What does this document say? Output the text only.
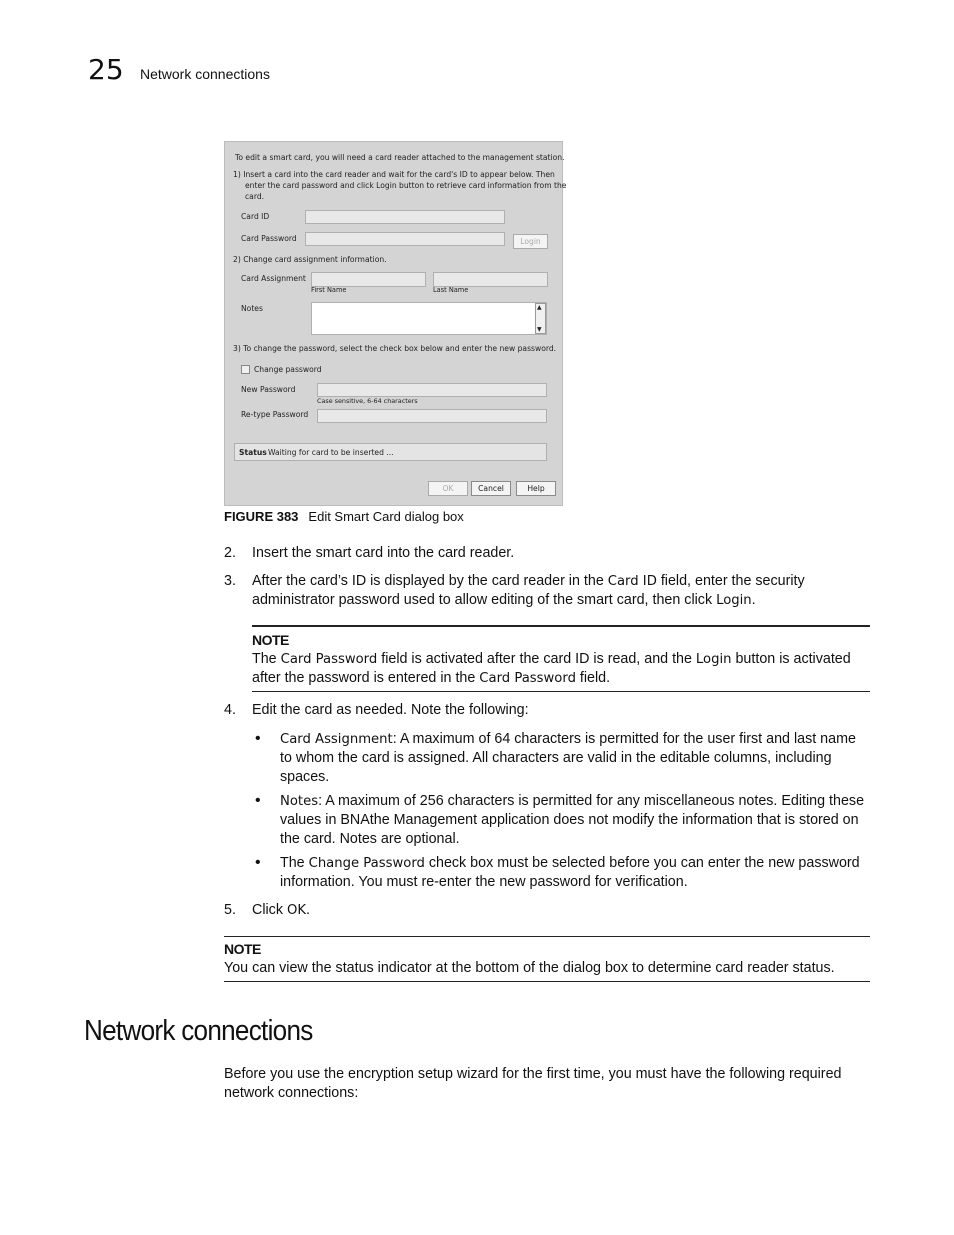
25 Network connections
To edit a smart card, you will need a card reader attached to the management station.
1) Insert a card into the card reader and wait for the card's ID to appear below. Then
enter the card password and click Login button to retrieve card information from the
card.
Card ID
Card Password	Login
2) Change card assignment information.
Card Assignment
First Name	Last Name
Notes	▲
▼
3) To change the password, select the check box below and enter the new password.
Change password
New Password
Case sensitive, 6-64 characters
Re-type Password
Status Waiting for card to be inserted ...
OK	Cancel	Help
FIGURE 383 Edit Smart Card dialog box
2. Insert the smart card into the card reader.
3. After the card’s ID is displayed by the card reader in the Card ID field, enter the security administrator password used to allow editing of the smart card, then click Login.
NOTE
The Card Password field is activated after the card ID is read, and the Login button is activated after the password is entered in the Card Password field.
4. Edit the card as needed. Note the following:
• Card Assignment: A maximum of 64 characters is permitted for the user first and last name to whom the card is assigned. All characters are valid in the editable columns, including spaces.
• Notes: A maximum of 256 characters is permitted for any miscellaneous notes. Editing these values in BNAthe Management application does not modify the information that is stored on the card. Notes are optional.
• The Change Password check box must be selected before you can enter the new password information. You must re-enter the new password for verification.
5. Click OK.
NOTE
You can view the status indicator at the bottom of the dialog box to determine card reader status.
Network connections
Before you use the encryption setup wizard for the first time, you must have the following required network connections:
